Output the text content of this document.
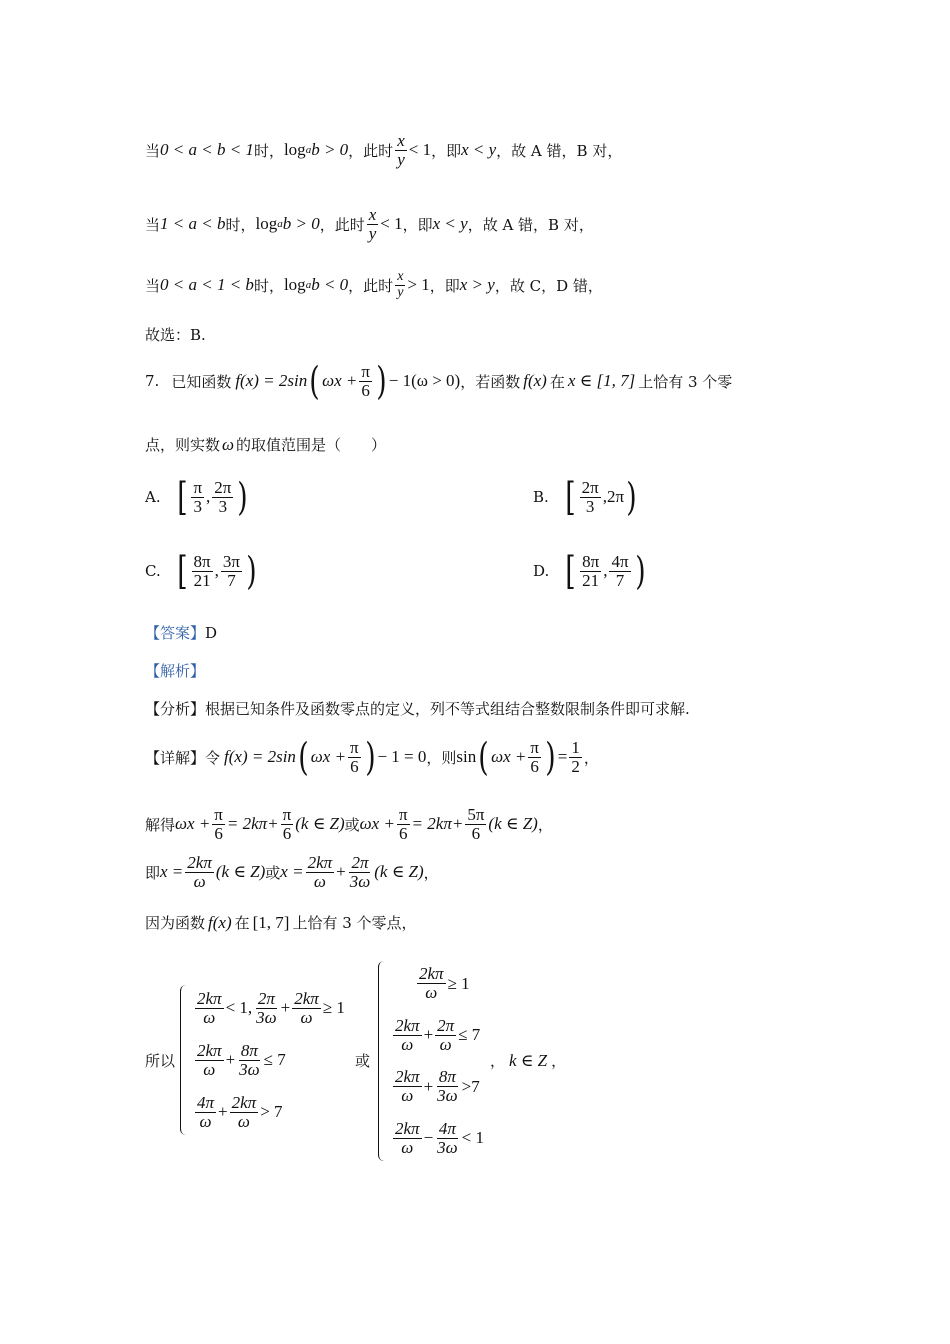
当 0 < a < b < 1 时， log a b > 0 ，此时 $\frac{x}{y} < 1$ ，即 x < y ，故 A 错，B 对，
当 1 < a < b 时， log a b > 0 ，此时 $\frac{x}{y} < 1$ ，即 x < y ，故 A 错，B 对，
当 0 < a < 1 < b 时， log a b < 0 ，此时 $\frac{x}{y} > 1$ ，即 x > y ，故 C，D 错，
故选：B.
7. 已知函数 f(x) = 2sin ( $\omega x + \frac{\pi}{6}$ ) − 1(ω > 0) ，若函数 f(x) 在 x ∈ [1, 7] 上恰有 3 个零
点，则实数 ω 的取值范围是（　　）
A. [ $\frac{\pi}{3}$ , $\frac{2\pi}{3}$ )	B. [ $\frac{2\pi}{3}$ , 2π )
C. [ $\frac{8\pi}{21}$ , $\frac{3\pi}{7}$ )	D. [ $\frac{8\pi}{21}$ , $\frac{4\pi}{7}$ )
【答案】 D
【解析】
【分析】 根据已知条件及函数零点的定义，列不等式组结合整数限制条件即可求解.
【详解】 令 f(x) = 2sin ( $\omega x + \frac{\pi}{6}$ ) − 1 = 0 ，则 sin ( $\omega x + \frac{\pi}{6}$ ) = $\frac{1}{2}$ ，
解得 $\omega x + \frac{\pi}{6} = 2k\pi+ \frac{\pi}{6} (k$ ∈ Z) 或 $\omega x + \frac{\pi}{6} = 2k\pi+ \frac{5\pi}{6} (k$ ∈ Z) ，
即 $x = \frac{2k\pi}{\omega} (k$ ∈ Z) 或 $x = \frac{2k\pi}{\omega} + \frac{2\pi}{3\omega} (k$ ∈ Z) ，
因为函数 f(x) 在 [1, 7] 上恰有 3 个零点，
所以
$\frac{2k\pi}{\omega} < 1$, $\frac{2\pi}{3\omega} + \frac{2k\pi}{\omega} \ge 1$
$\frac{2k\pi}{\omega} + \frac{8\pi}{3\omega} \le 7$
$\frac{4\pi}{\omega} + \frac{2k\pi}{\omega} > 7$
或
$\frac{2k\pi}{\omega} \ge 1$
$\frac{2k\pi}{\omega} + \frac{2\pi}{\omega} \le 7$
$\frac{2k\pi}{\omega} + \frac{8\pi}{3\omega} >7$
$\frac{2k\pi}{\omega} - \frac{4\pi}{3\omega} < 1$
， k ∈ Z ，
